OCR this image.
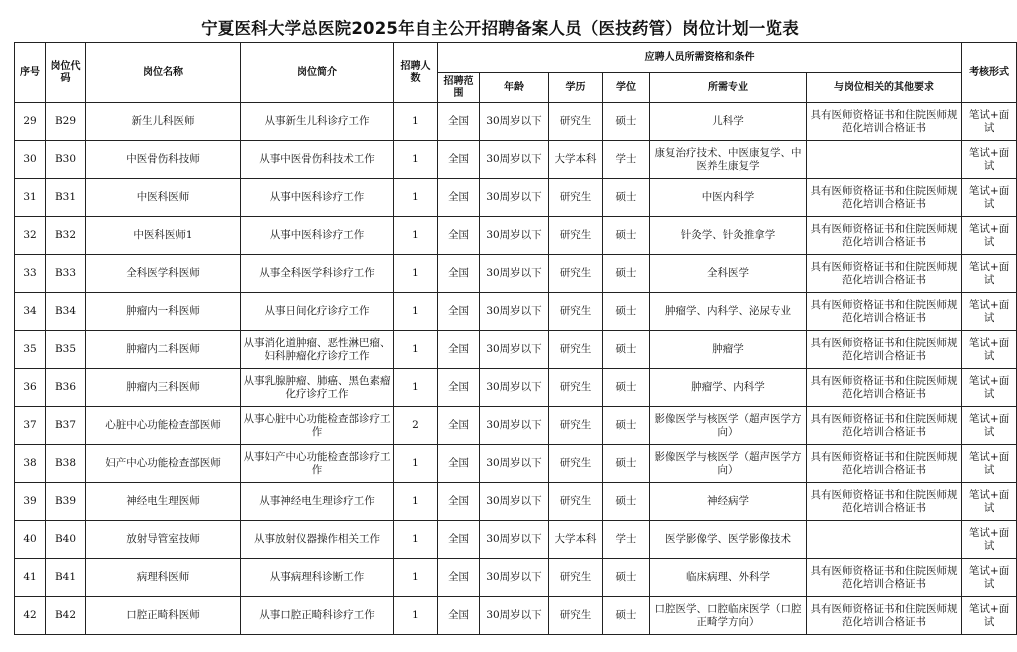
宁夏医科大学总医院2025年自主公开招聘备案人员（医技药管）岗位计划一览表
序号	岗位代码	岗位名称	岗位简介	招聘人数	应聘人员所需资格和条件						考核形式
					招聘范围	年龄	学历	学位	所需专业	与岗位相关的其他要求	
29	B29	新生儿科医师	从事新生儿科诊疗工作	1	全国	30周岁以下	研究生	硕士	儿科学	具有医师资格证书和住院医师规范化培训合格证书	笔试+面试
30	B30	中医骨伤科技师	从事中医骨伤科技术工作	1	全国	30周岁以下	大学本科	学士	康复治疗技术、中医康复学、中医养生康复学		笔试+面试
31	B31	中医科医师	从事中医科诊疗工作	1	全国	30周岁以下	研究生	硕士	中医内科学	具有医师资格证书和住院医师规范化培训合格证书	笔试+面试
32	B32	中医科医师1	从事中医科诊疗工作	1	全国	30周岁以下	研究生	硕士	针灸学、针灸推拿学	具有医师资格证书和住院医师规范化培训合格证书	笔试+面试
33	B33	全科医学科医师	从事全科医学科诊疗工作	1	全国	30周岁以下	研究生	硕士	全科医学	具有医师资格证书和住院医师规范化培训合格证书	笔试+面试
34	B34	肿瘤内一科医师	从事日间化疗诊疗工作	1	全国	30周岁以下	研究生	硕士	肿瘤学、内科学、泌尿专业	具有医师资格证书和住院医师规范化培训合格证书	笔试+面试
35	B35	肿瘤内二科医师	从事消化道肿瘤、恶性淋巴瘤、妇科肿瘤化疗诊疗工作	1	全国	30周岁以下	研究生	硕士	肿瘤学	具有医师资格证书和住院医师规范化培训合格证书	笔试+面试
36	B36	肿瘤内三科医师	从事乳腺肿瘤、肺癌、黑色素瘤化疗诊疗工作	1	全国	30周岁以下	研究生	硕士	肿瘤学、内科学	具有医师资格证书和住院医师规范化培训合格证书	笔试+面试
37	B37	心脏中心功能检查部医师	从事心脏中心功能检查部诊疗工作	2	全国	30周岁以下	研究生	硕士	影像医学与核医学（超声医学方向）	具有医师资格证书和住院医师规范化培训合格证书	笔试+面试
38	B38	妇产中心功能检查部医师	从事妇产中心功能检查部诊疗工作	1	全国	30周岁以下	研究生	硕士	影像医学与核医学（超声医学方向）	具有医师资格证书和住院医师规范化培训合格证书	笔试+面试
39	B39	神经电生理医师	从事神经电生理诊疗工作	1	全国	30周岁以下	研究生	硕士	神经病学	具有医师资格证书和住院医师规范化培训合格证书	笔试+面试
40	B40	放射导管室技师	从事放射仪器操作相关工作	1	全国	30周岁以下	大学本科	学士	医学影像学、医学影像技术		笔试+面试
41	B41	病理科医师	从事病理科诊断工作	1	全国	30周岁以下	研究生	硕士	临床病理、外科学	具有医师资格证书和住院医师规范化培训合格证书	笔试+面试
42	B42	口腔正畸科医师	从事口腔正畸科诊疗工作	1	全国	30周岁以下	研究生	硕士	口腔医学、口腔临床医学（口腔正畸学方向）	具有医师资格证书和住院医师规范化培训合格证书	笔试+面试
